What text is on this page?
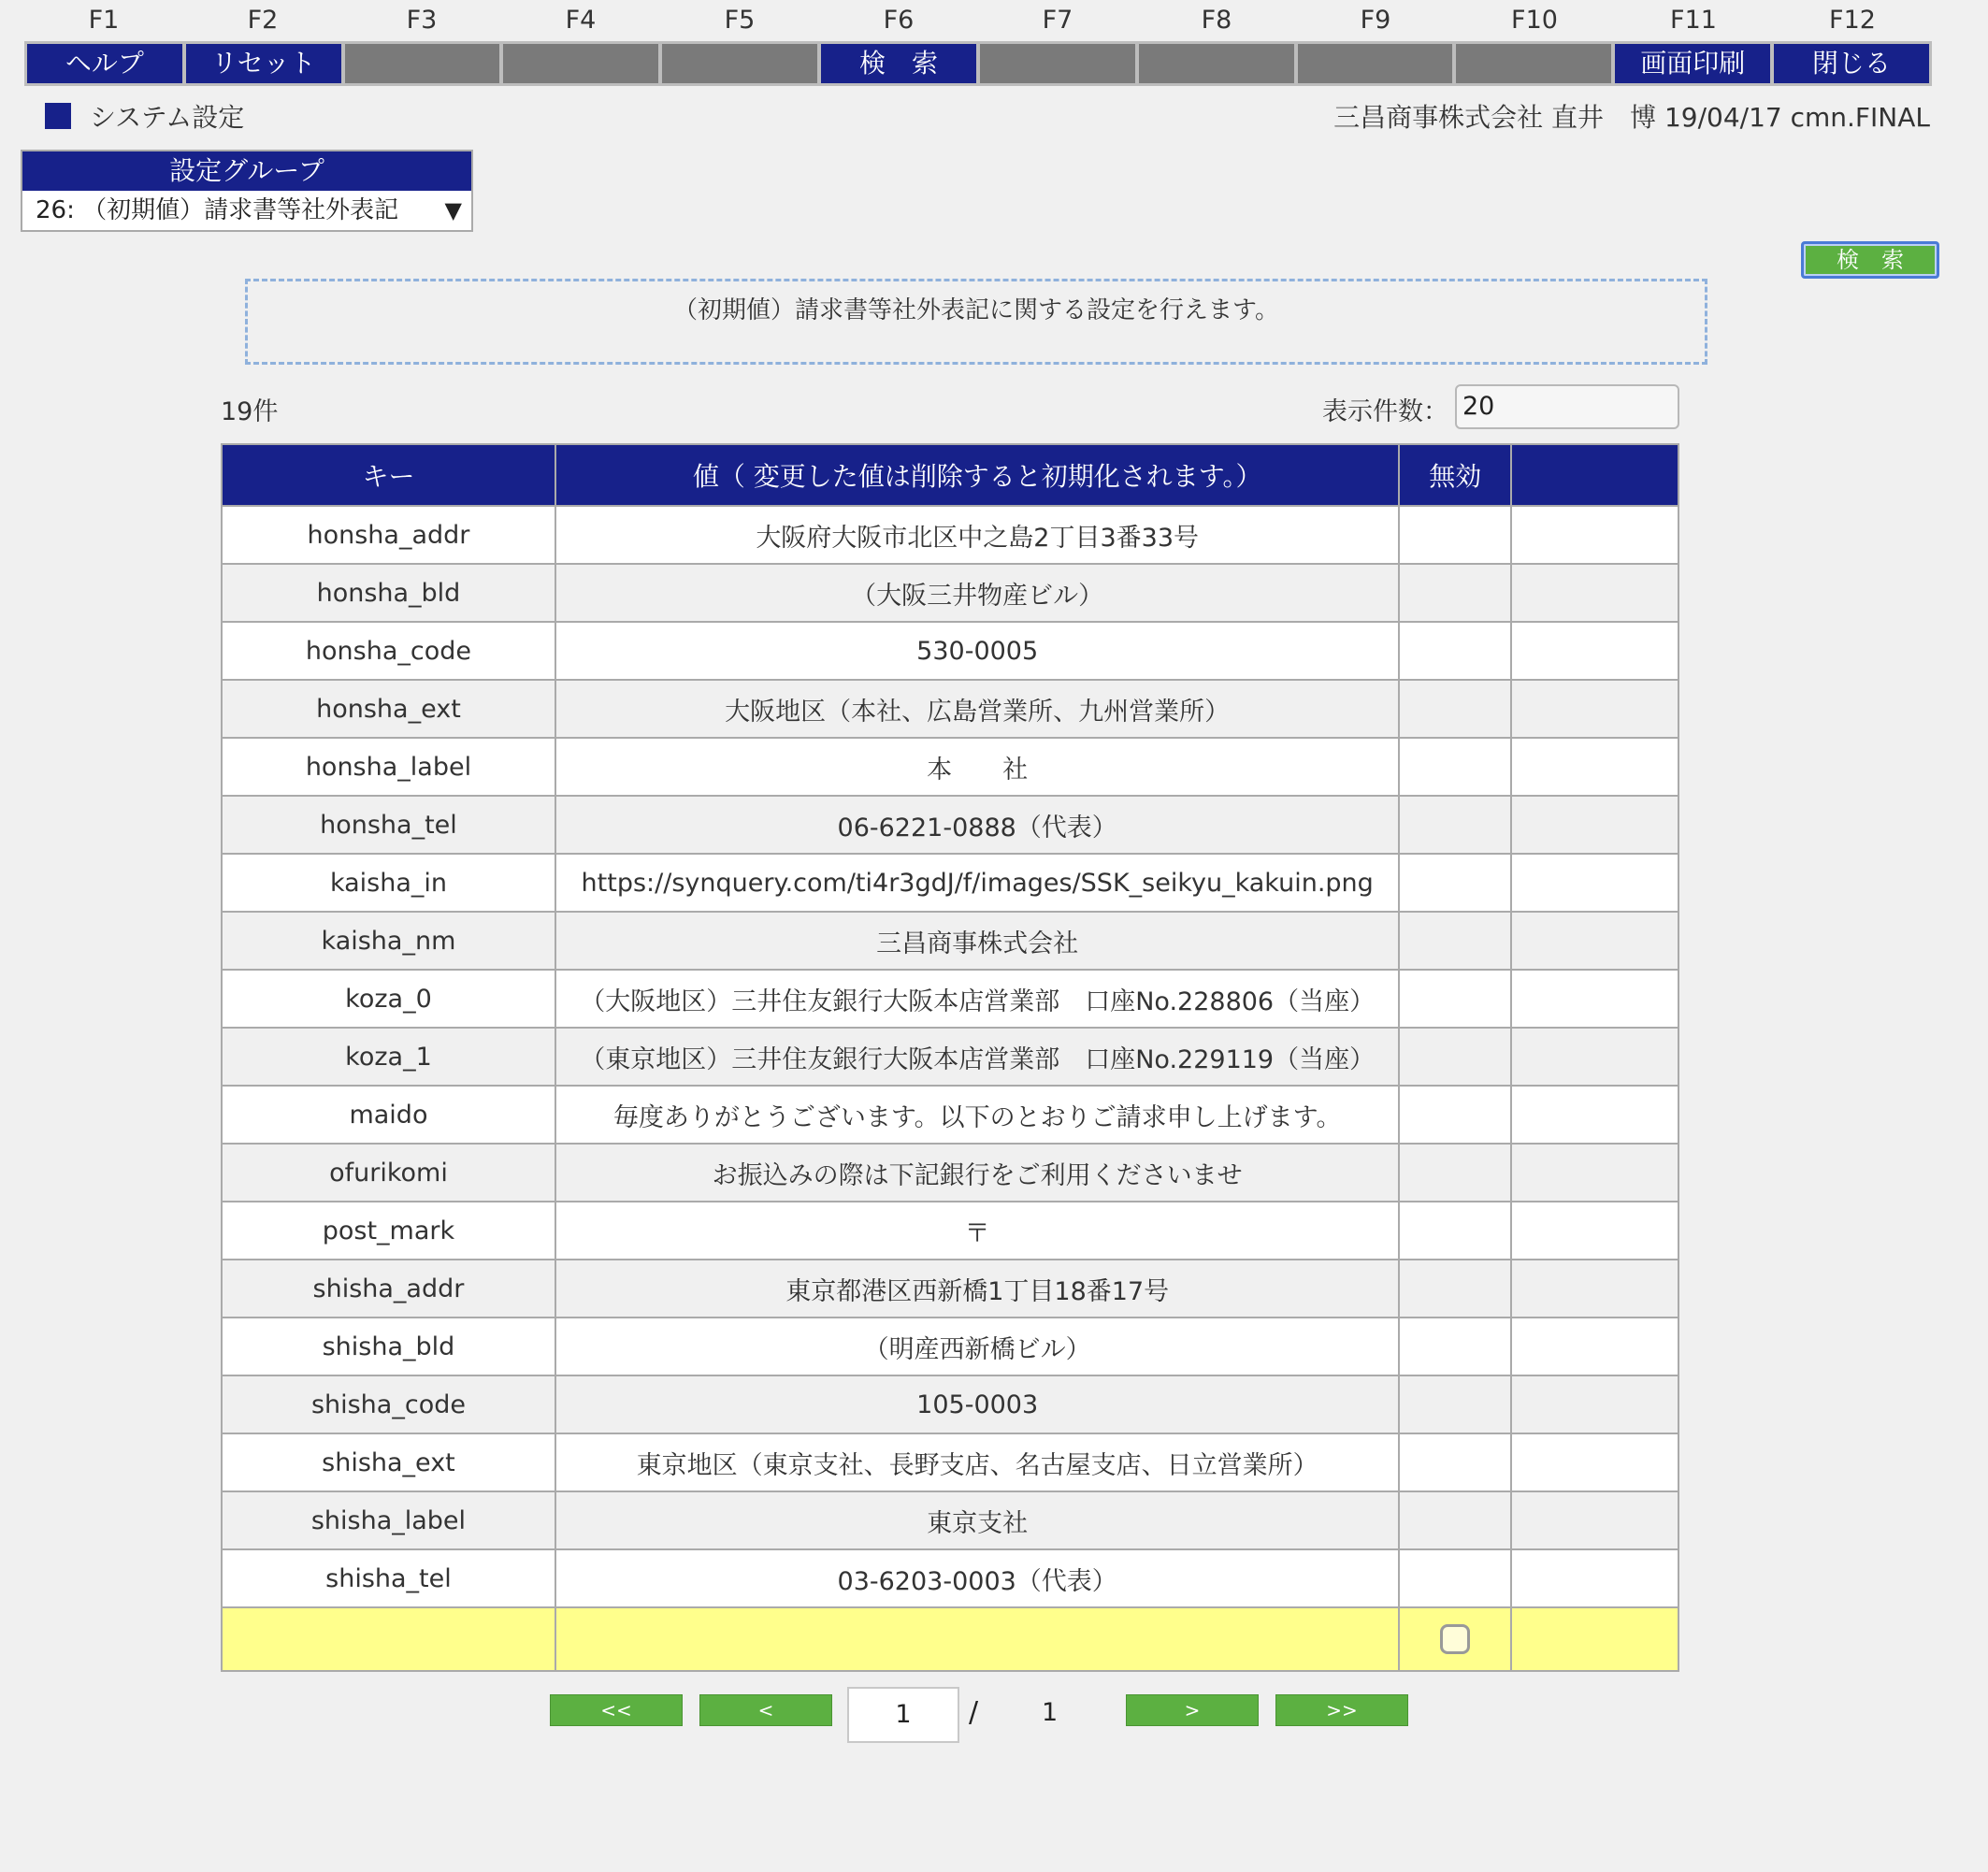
F1	F2	F3	F4	F5	F6	F7	F8	F9	F10	F11	F12
ヘルプ	リセット	検　索	画面印刷	閉じる
システム設定	三昌商事株式会社 直井　博 19/04/17 cmn.FINAL
設定グループ
26: （初期値）請求書等社外表記 ▼
検　索
（初期値）請求書等社外表記に関する設定を行えます。
19件	表示件数： 20
キー	値（ 変更した値は削除すると初期化されます。）	無効	
honsha_addr	大阪府大阪市北区中之島2丁目3番33号		
honsha_bld	（大阪三井物産ビル）		
honsha_code	530-0005		
honsha_ext	大阪地区（本社、広島営業所、九州営業所）		
honsha_label	本　　社		
honsha_tel	06-6221-0888（代表）		
kaisha_in	https://synquery.com/ti4r3gdJ/f/images/SSK_seikyu_kakuin.png		
kaisha_nm	三昌商事株式会社		
koza_0	（大阪地区）三井住友銀行大阪本店営業部　口座No.228806（当座）		
koza_1	（東京地区）三井住友銀行大阪本店営業部　口座No.229119（当座）		
maido	毎度ありがとうございます。以下のとおりご請求申し上げます。		
ofurikomi	お振込みの際は下記銀行をご利用くださいませ		
post_mark	〒		
shisha_addr	東京都港区西新橋1丁目18番17号		
shisha_bld	（明産西新橋ビル）		
shisha_code	105-0003		
shisha_ext	東京地区（東京支社、長野支店、名古屋支店、日立営業所）		
shisha_label	東京支社		
shisha_tel	03-6203-0003（代表）		

<<	<	1	/	1	>	>>
